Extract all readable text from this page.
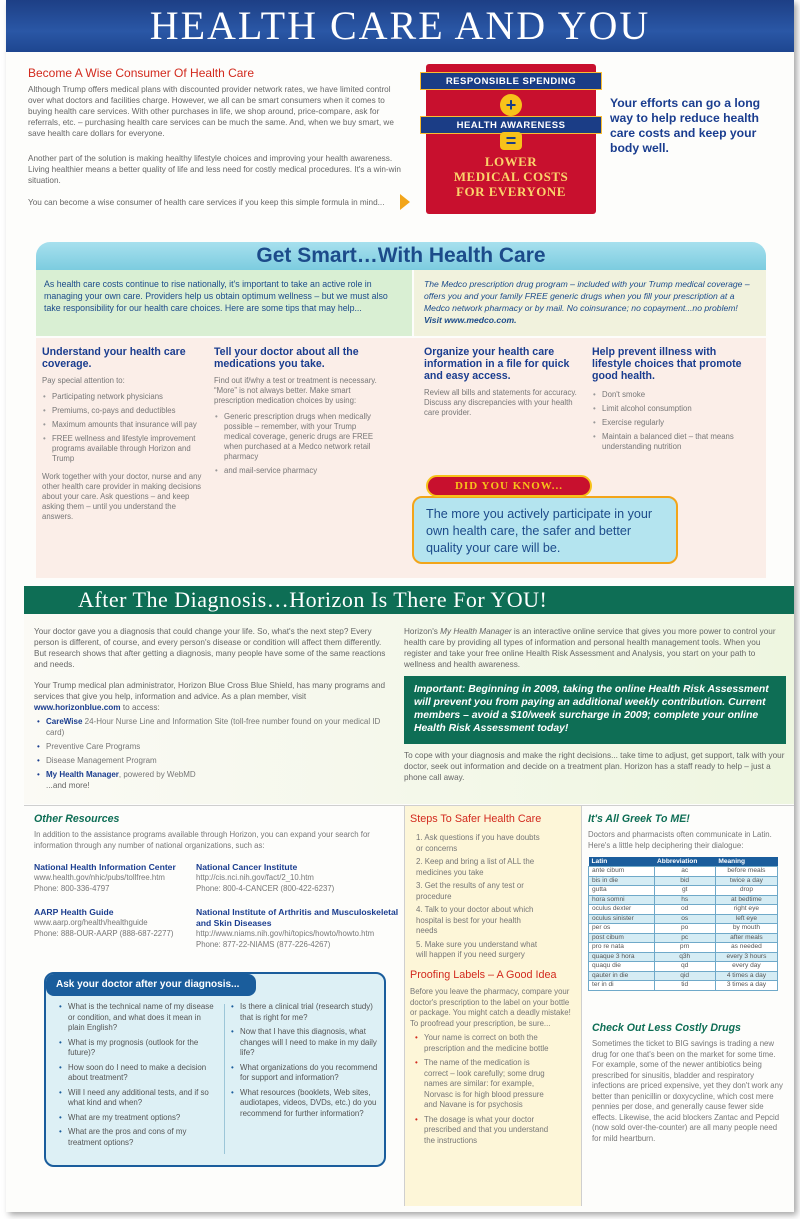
HEALTH CARE AND YOU
Become A Wise Consumer Of Health Care

Although Trump offers medical plans with discounted provider network rates, we have limited control over what doctors and facilities charge. However, we all can be smart consumers when it comes to buying health care services. With other purchases in life, we shop around, price-compare, ask for referrals, etc. – purchasing health care services can be much the same. And, when we buy smart, we save health care dollars for everyone.

Another part of the solution is making healthy lifestyle choices and improving your health awareness. Living healthier means a better quality of life and less need for costly medical procedures. It's a win-win situation.

You can become a wise consumer of health care services if you keep this simple formula in mind...

RESPONSIBLE SPENDING
+
HEALTH AWARENESS
=
LOWER
MEDICAL COSTS
FOR EVERYONE
Your efforts can go a long way to help reduce health care costs and keep your body well.
Get Smart…With Health Care
As health care costs continue to rise nationally, it's important to take an active role in managing your own care. Providers help us obtain optimum wellness – but we must also take responsibility for our health care choices. Here are some tips that may help...
The Medco prescription drug program – included with your Trump medical coverage – offers you and your family FREE generic drugs when you fill your prescription at a Medco network pharmacy or by mail. No coinsurance; no copayment...no problem! Visit www.medco.com.
Understand your health care coverage.

Pay special attention to:

• Participating network physicians
• Premiums, co-pays and deductibles
• Maximum amounts that insurance will pay
• FREE wellness and lifestyle improvement programs available through Horizon and Trump

Work together with your doctor, nurse and any other health care provider in making decisions about your care. Ask questions – and keep asking them – until you understand the answers.

Tell your doctor about all the medications you take.

Find out if/why a test or treatment is necessary. “More” is not always better. Make smart prescription medication choices by using:

• Generic prescription drugs when medically possible – remember, with your Trump medical coverage, generic drugs are FREE when purchased at a Medco network retail pharmacy
• and mail-service pharmacy
Organize your health care information in a file for quick and easy access.

Review all bills and statements for accuracy. Discuss any discrepancies with your health care provider.

Help prevent illness with lifestyle choices that promote good health.
• Don't smoke
• Limit alcohol consumption
• Exercise regularly
• Maintain a balanced diet – that means understanding nutrition
The more you actively participate in your own health care, the safer and better quality your care will be.
DID YOU KNOW...
After The Diagnosis…Horizon Is There For YOU!

Your doctor gave you a diagnosis that could change your life. So, what's the next step? Every person is different, of course, and every person's disease or condition will affect them differently. But research shows that after getting a diagnosis, many people have some of the same reactions and needs.

Your Trump medical plan administrator, Horizon Blue Cross Blue Shield, has many programs and services that give you help, information and advice. As a plan member, visit www.horizonblue.com to access:

• CareWise 24-Hour Nurse Line and Information Site (toll-free number found on your medical ID card)
• Preventive Care Programs
• Disease Management Program
• My Health Manager, powered by WebMD

...and more!

Horizon's My Health Manager is an interactive online service that gives you more power to control your health care by providing all types of information and personal health management tools. When you register and take your free online Health Risk Assessment and Analysis, you start on your path to wellness and health awareness.

Important: Beginning in 2009, taking the online Health Risk Assessment will prevent you from paying an additional weekly contribution. Current members – avoid a $10/week surcharge in 2009; complete your online Health Risk Assessment today!

To cope with your diagnosis and make the right decisions... take time to adjust, get support, talk with your doctor, seek out information and decide on a treatment plan. Horizon has a staff ready to help – just a phone call away.

Other Resources

In addition to the assistance programs available through Horizon, you can expand your search for information through any number of national organizations, such as:

National Health Information Center
www.health.gov/nhic/pubs/tollfree.htm
Phone: 800-336-4797
National Cancer Institute
http://cis.nci.nih.gov/fact/2_10.htm
Phone: 800-4-CANCER (800-422-6237)
AARP Health Guide
www.aarp.org/health/healthguide
Phone: 888-OUR-AARP (888-687-2277)
National Institute of Arthritis and Musculoskeletal and Skin Diseases
http://www.niams.nih.gov/hi/topics/howto/howto.htm
Phone: 877-22-NIAMS (877-226-4267)
Ask your doctor after your diagnosis...
• What is the technical name of my disease or condition, and what does it mean in plain English?
• What is my prognosis (outlook for the future)?
• How soon do I need to make a decision about treatment?
• Will I need any additional tests, and if so what kind and when?
• What are my treatment options?
• What are the pros and cons of my treatment options?
• Is there a clinical trial (research study) that is right for me?
• Now that I have this diagnosis, what changes will I need to make in my daily life?
• What organizations do you recommend for support and information?
• What resources (booklets, Web sites, audiotapes, videos, DVDs, etc.) do you recommend for further information?
Steps To Safer Health Care
1. Ask questions if you have doubts or concerns
2. Keep and bring a list of ALL the medicines you take
3. Get the results of any test or procedure
4. Talk to your doctor about which hospital is best for your health needs
5. Make sure you understand what will happen if you need surgery
Proofing Labels – A Good Idea

Before you leave the pharmacy, compare your doctor's prescription to the label on your bottle or package. You might catch a deadly mistake! To proofread your prescription, be sure...

• Your name is correct on both the prescription and the medicine bottle
• The name of the medication is correct – look carefully; some drug names are similar: for example, Norvasc is for high blood pressure and Navane is for psychosis
• The dosage is what your doctor prescribed and that you understand the instructions
It's All Greek To ME!

Doctors and pharmacists often communicate in Latin. Here's a little help deciphering their dialogue:

Latin	Abbreviation	Meaning
ante cibum	ac	before meals
bis in die	bid	twice a day
gutta	gt	drop
hora somni	hs	at bedtime
oculus dexter	od	right eye
oculus sinister	os	left eye
per os	po	by mouth
post cibum	pc	after meals
pro re nata	prn	as needed
quaque 3 hora	q3h	every 3 hours
quaqu die	qd	every day
qauter in die	qid	4 times a day
ter in di	tid	3 times a day
Check Out Less Costly Drugs

Sometimes the ticket to BIG savings is trading a new drug for one that's been on the market for some time. For example, some of the newer antibiotics being prescribed for sinusitis, bladder and respiratory infections are priced expensive, yet they don't work any better than penicillin or doxycycline, which cost mere pennies per dose, and generally cause fewer side effects. Likewise, the acid blockers Zantac and Pepcid (now sold over-the-counter) are all many people need for mild heartburn.
